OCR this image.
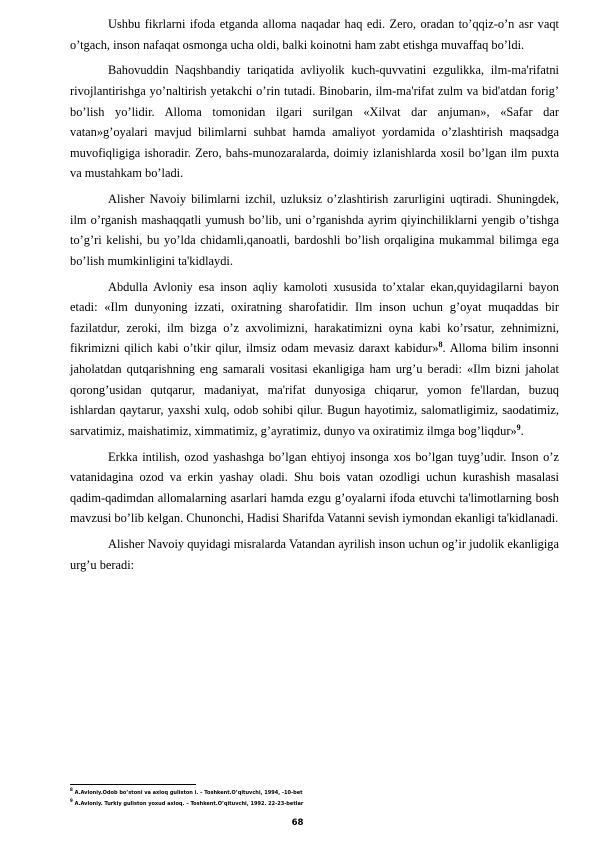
Ushbu fikrlarni ifoda etganda alloma naqadar haq edi. Zero, oradan to’qqiz-o’n asr vaqt o’tgach, inson nafaqat osmonga ucha oldi, balki koinotni ham zabt etishga muvaffaq bo’ldi.

Bahovuddin Naqshbandiy tariqatida avliyolik kuch-quvvatini ezgulikka, ilm-ma'rifatni rivojlantirishga yo’naltirish yetakchi o’rin tutadi. Binobarin, ilm-ma'rifat zulm va bid'atdan forig’ bo’lish yo’lidir. Alloma tomonidan ilgari surilgan «Xilvat dar anjuman», «Safar dar vatan»g’oyalari mavjud bilimlarni suhbat hamda amaliyot yordamida o’zlashtirish maqsadga muvofiqligiga ishoradir. Zero, bahs-munozaralarda, doimiy izlanishlarda xosil bo’lgan ilm puxta va mustahkam bo’ladi.

Alisher Navoiy bilimlarni izchil, uzluksiz o’zlashtirish zarurligini uqtiradi. Shuningdek, ilm o’rganish mashaqqatli yumush bo’lib, uni o’rganishda ayrim qiyinchiliklarni yengib o’tishga to’g’ri kelishi, bu yo’lda chidamli,qanoatli, bardoshli bo’lish orqaligina mukammal bilimga ega bo’lish mumkinligini ta'kidlaydi.

Abdulla Avloniy esa inson aqliy kamoloti xususida to’xtalar ekan,quyidagilarni bayon etadi: «Ilm dunyoning izzati, oxiratning sharofatidir. Ilm inson uchun g’oyat muqaddas bir fazilatdur, zeroki, ilm bizga o’z axvolimizni, harakatimizni oyna kabi ko’rsatur, zehnimizni, fikrimizni qilich kabi o’tkir qilur, ilmsiz odam mevasiz daraxt kabidur»$^8$. Alloma bilim insonni jaholatdan qutqarishning eng samarali vositasi ekanligiga ham urg’u beradi: «Ilm bizni jaholat qorong’usidan qutqarur, madaniyat, ma'rifat dunyosiga chiqarur, yomon fe'llardan, buzuq ishlardan qaytarur, yaxshi xulq, odob sohibi qilur. Bugun hayotimiz, salomatligimiz, saodatimiz, sarvatimiz, maishatimiz, ximmatimiz, g’ayratimiz, dunyo va oxiratimiz ilmga bog’liqdur»$^9$.

Erkka intilish, ozod yashashga bo’lgan ehtiyoj insonga xos bo’lgan tuyg’udir. Inson o’z vatanidagina ozod va erkin yashay oladi. Shu bois vatan ozodligi uchun kurashish masalasi qadim-qadimdan allomalarning asarlari hamda ezgu g’oyalarni ifoda etuvchi ta'limotlarning bosh mavzusi bo’lib kelgan. Chunonchi, Hadisi Sharifda Vatanni sevish iymondan ekanligi ta'kidlanadi.

Alisher Navoiy quyidagi misralarda Vatandan ayrilish inson uchun og’ir judolik ekanligiga urg’u beradi:

$^8$ A.Avloniy.Odob bo’stoni va axloq guliston i. – Toshkent.O’qituvchi, 1994, -10-bet
$^9$ A.Avloniy. Turkiy guliston yoxud axloq. – Toshkent.O’qituvchi, 1992. 22-23-betlar
68
